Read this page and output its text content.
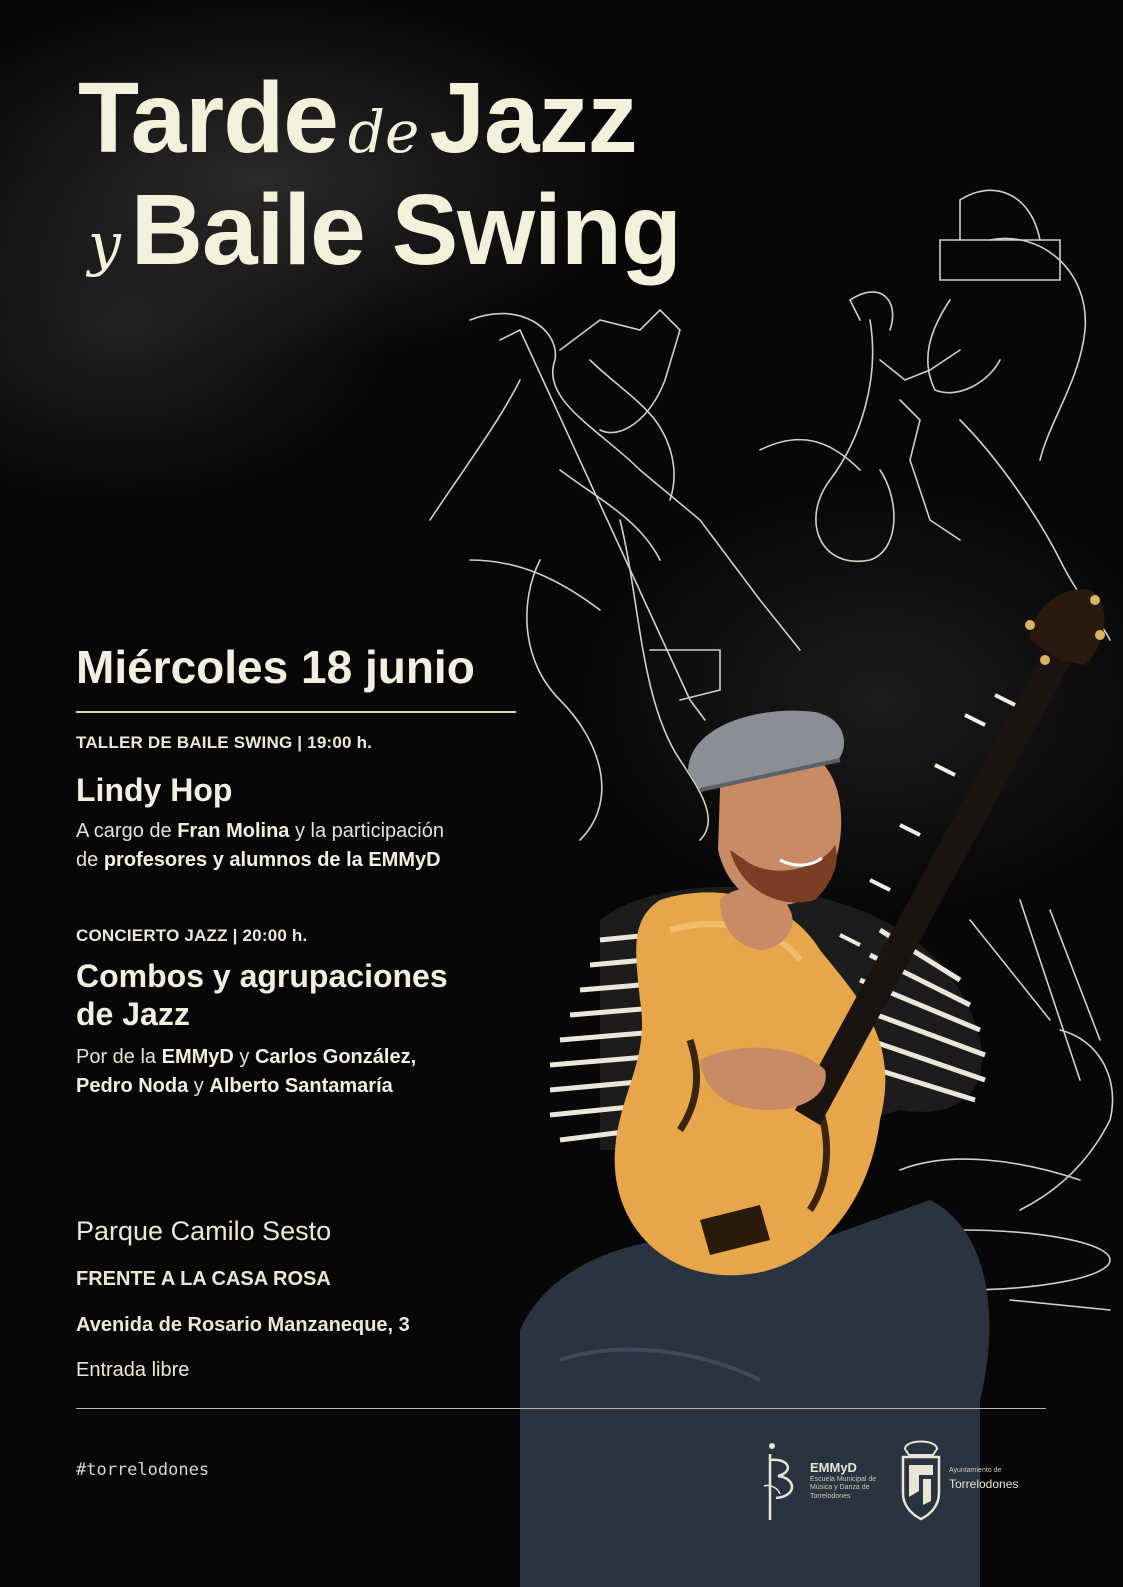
Tarde de Jazz
y Baile Swing
Miércoles 18 junio
TALLER DE BAILE SWING | 19:00 h.
Lindy Hop

A cargo de Fran Molina y la participación

de profesores y alumnos de la EMMyD

CONCIERTO JAZZ | 20:00 h.
Combos y agrupaciones
de Jazz

Por de la EMMyD y Carlos González,

Pedro Noda y Alberto Santamaría

Parque Camilo Sesto
FRENTE A LA CASA ROSA
Avenida de Rosario Manzaneque, 3
Entrada libre
#torrelodones	EMMyD
Escuela Municipal de Música y Danza de Torrelodones
Ayuntamiento de
Torrelodones
